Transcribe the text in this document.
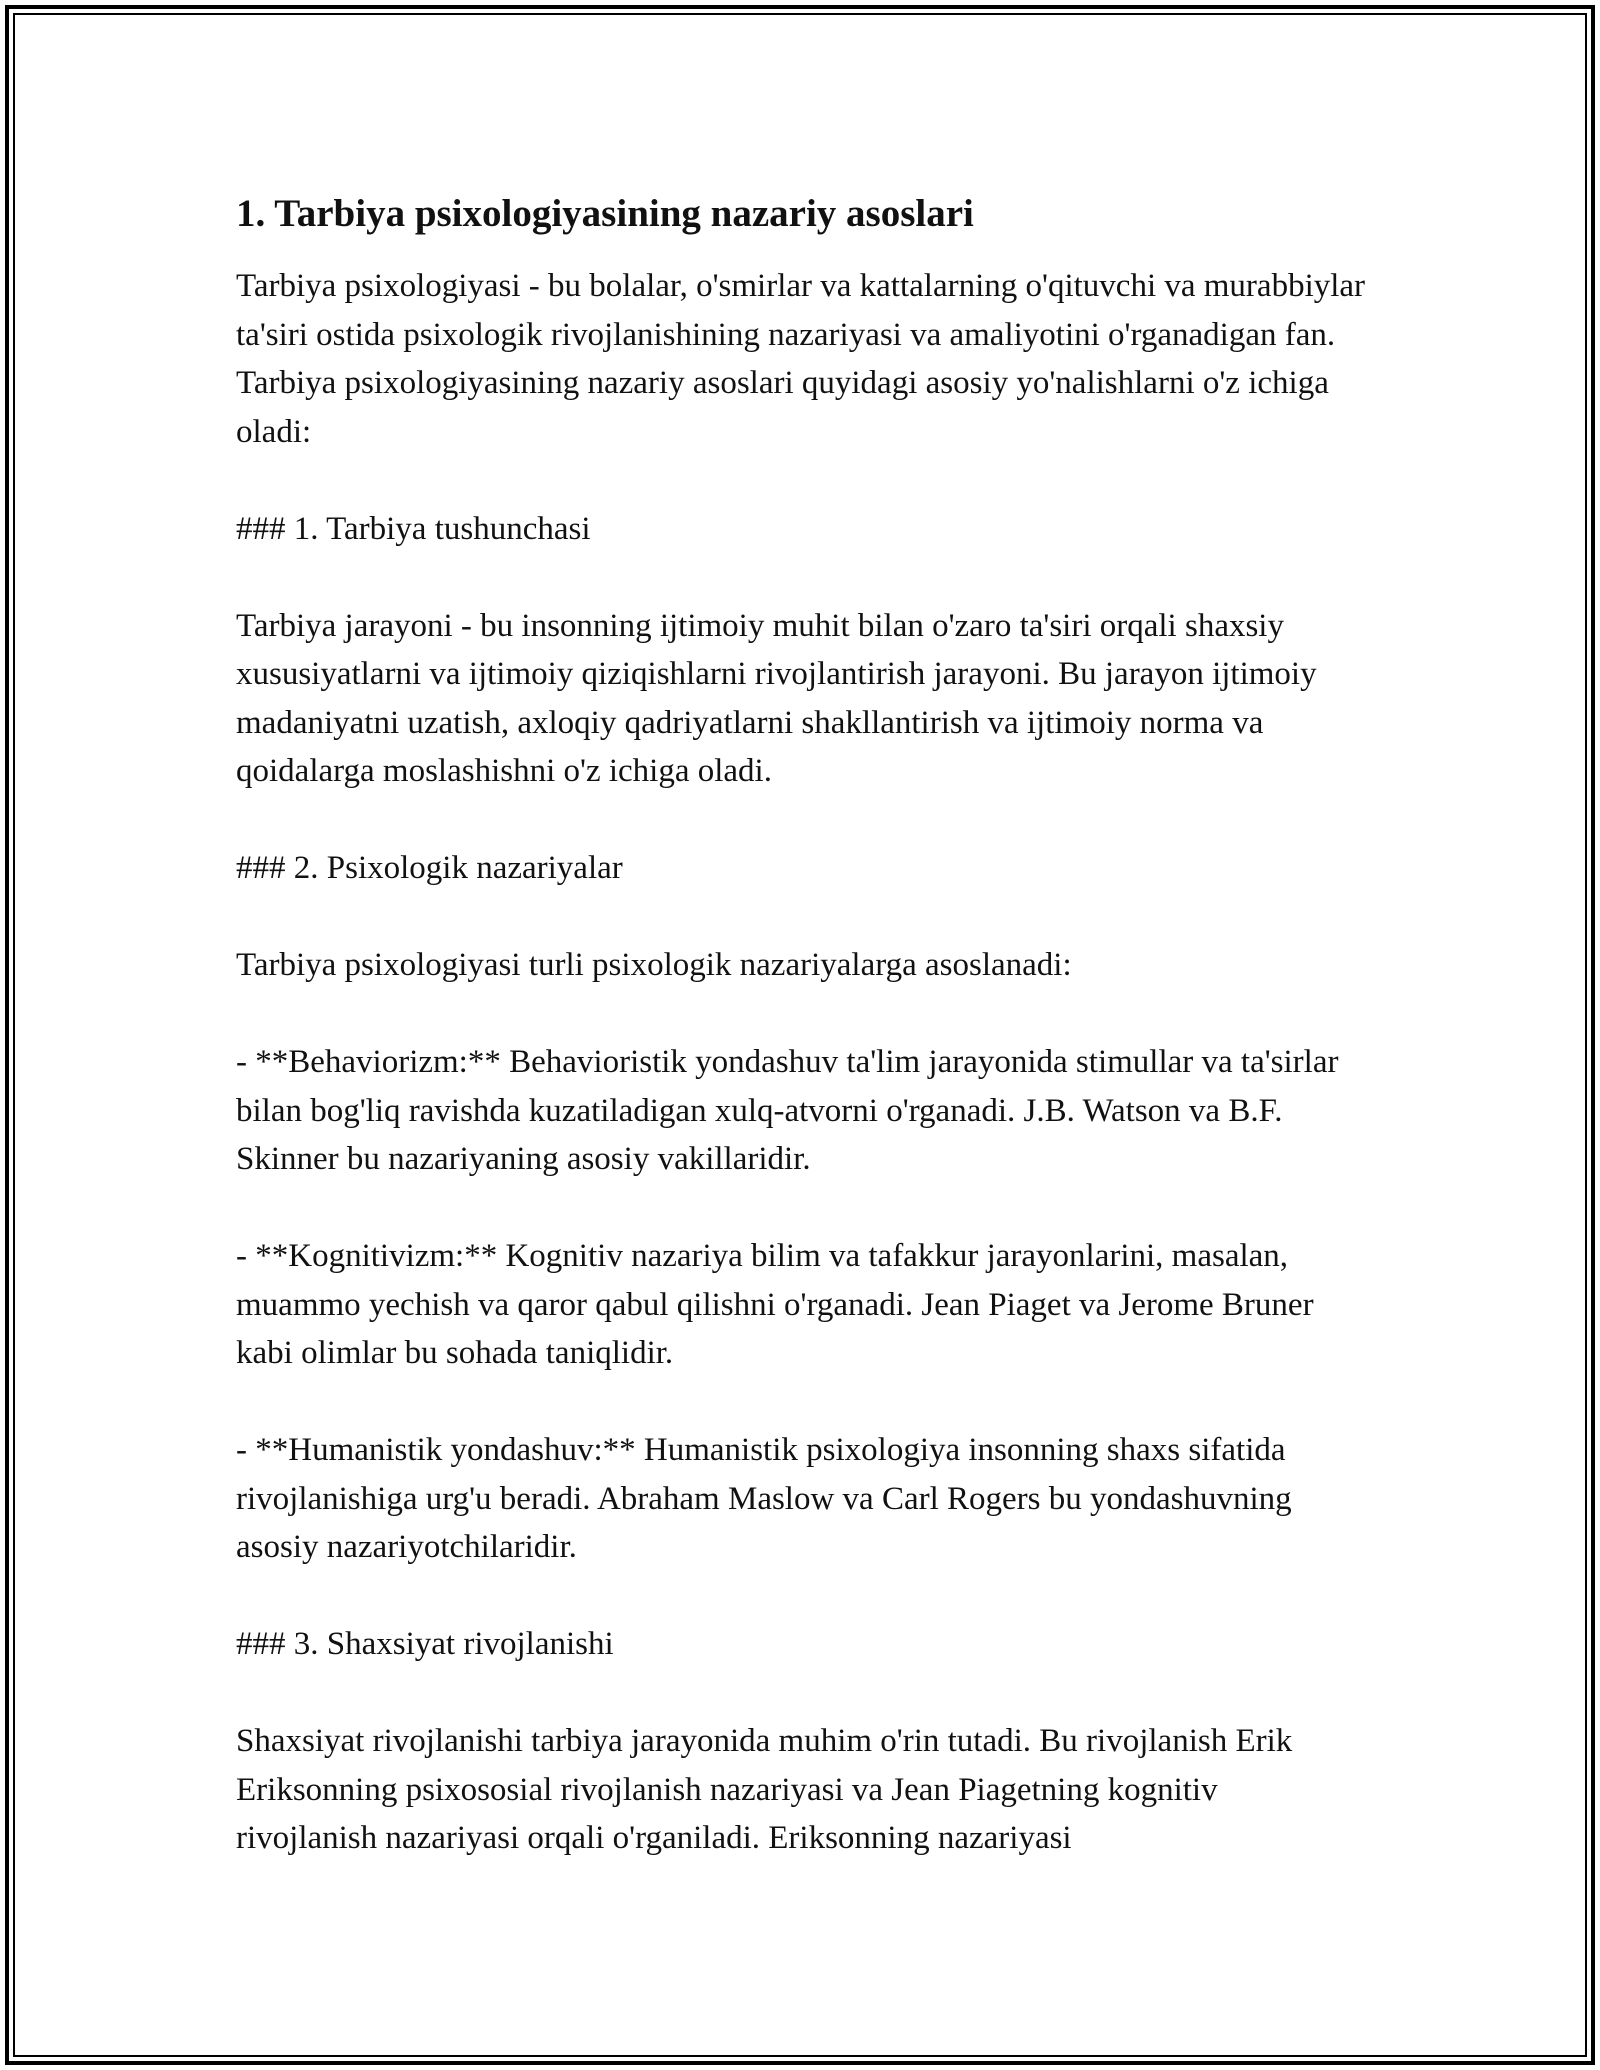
1. Tarbiya psixologiyasining nazariy asoslari

Tarbiya psixologiyasi - bu bolalar, o'smirlar va kattalarning o'qituvchi va murabbiylar ta'siri ostida psixologik rivojlanishining nazariyasi va amaliyotini o'rganadigan fan. Tarbiya psixologiyasining nazariy asoslari quyidagi asosiy yo'nalishlarni o'z ichiga oladi:

### 1. Tarbiya tushunchasi

Tarbiya jarayoni - bu insonning ijtimoiy muhit bilan o'zaro ta'siri orqali shaxsiy xususiyatlarni va ijtimoiy qiziqishlarni rivojlantirish jarayoni. Bu jarayon ijtimoiy madaniyatni uzatish, axloqiy qadriyatlarni shakllantirish va ijtimoiy norma va qoidalarga moslashishni o'z ichiga oladi.

### 2. Psixologik nazariyalar

Tarbiya psixologiyasi turli psixologik nazariyalarga asoslanadi:

- **Behaviorizm:** Behavioristik yondashuv ta'lim jarayonida stimullar va ta'sirlar bilan bog'liq ravishda kuzatiladigan xulq-atvorni o'rganadi. J.B. Watson va B.F. Skinner bu nazariyaning asosiy vakillaridir.

- **Kognitivizm:** Kognitiv nazariya bilim va tafakkur jarayonlarini, masalan, muammo yechish va qaror qabul qilishni o'rganadi. Jean Piaget va Jerome Bruner kabi olimlar bu sohada taniqlidir.

- **Humanistik yondashuv:** Humanistik psixologiya insonning shaxs sifatida rivojlanishiga urg'u beradi. Abraham Maslow va Carl Rogers bu yondashuvning asosiy nazariyotchilaridir.

### 3. Shaxsiyat rivojlanishi

Shaxsiyat rivojlanishi tarbiya jarayonida muhim o'rin tutadi. Bu rivojlanish Erik Eriksonning psixososial rivojlanish nazariyasi va Jean Piagetning kognitiv rivojlanish nazariyasi orqali o'rganiladi. Eriksonning nazariyasi
